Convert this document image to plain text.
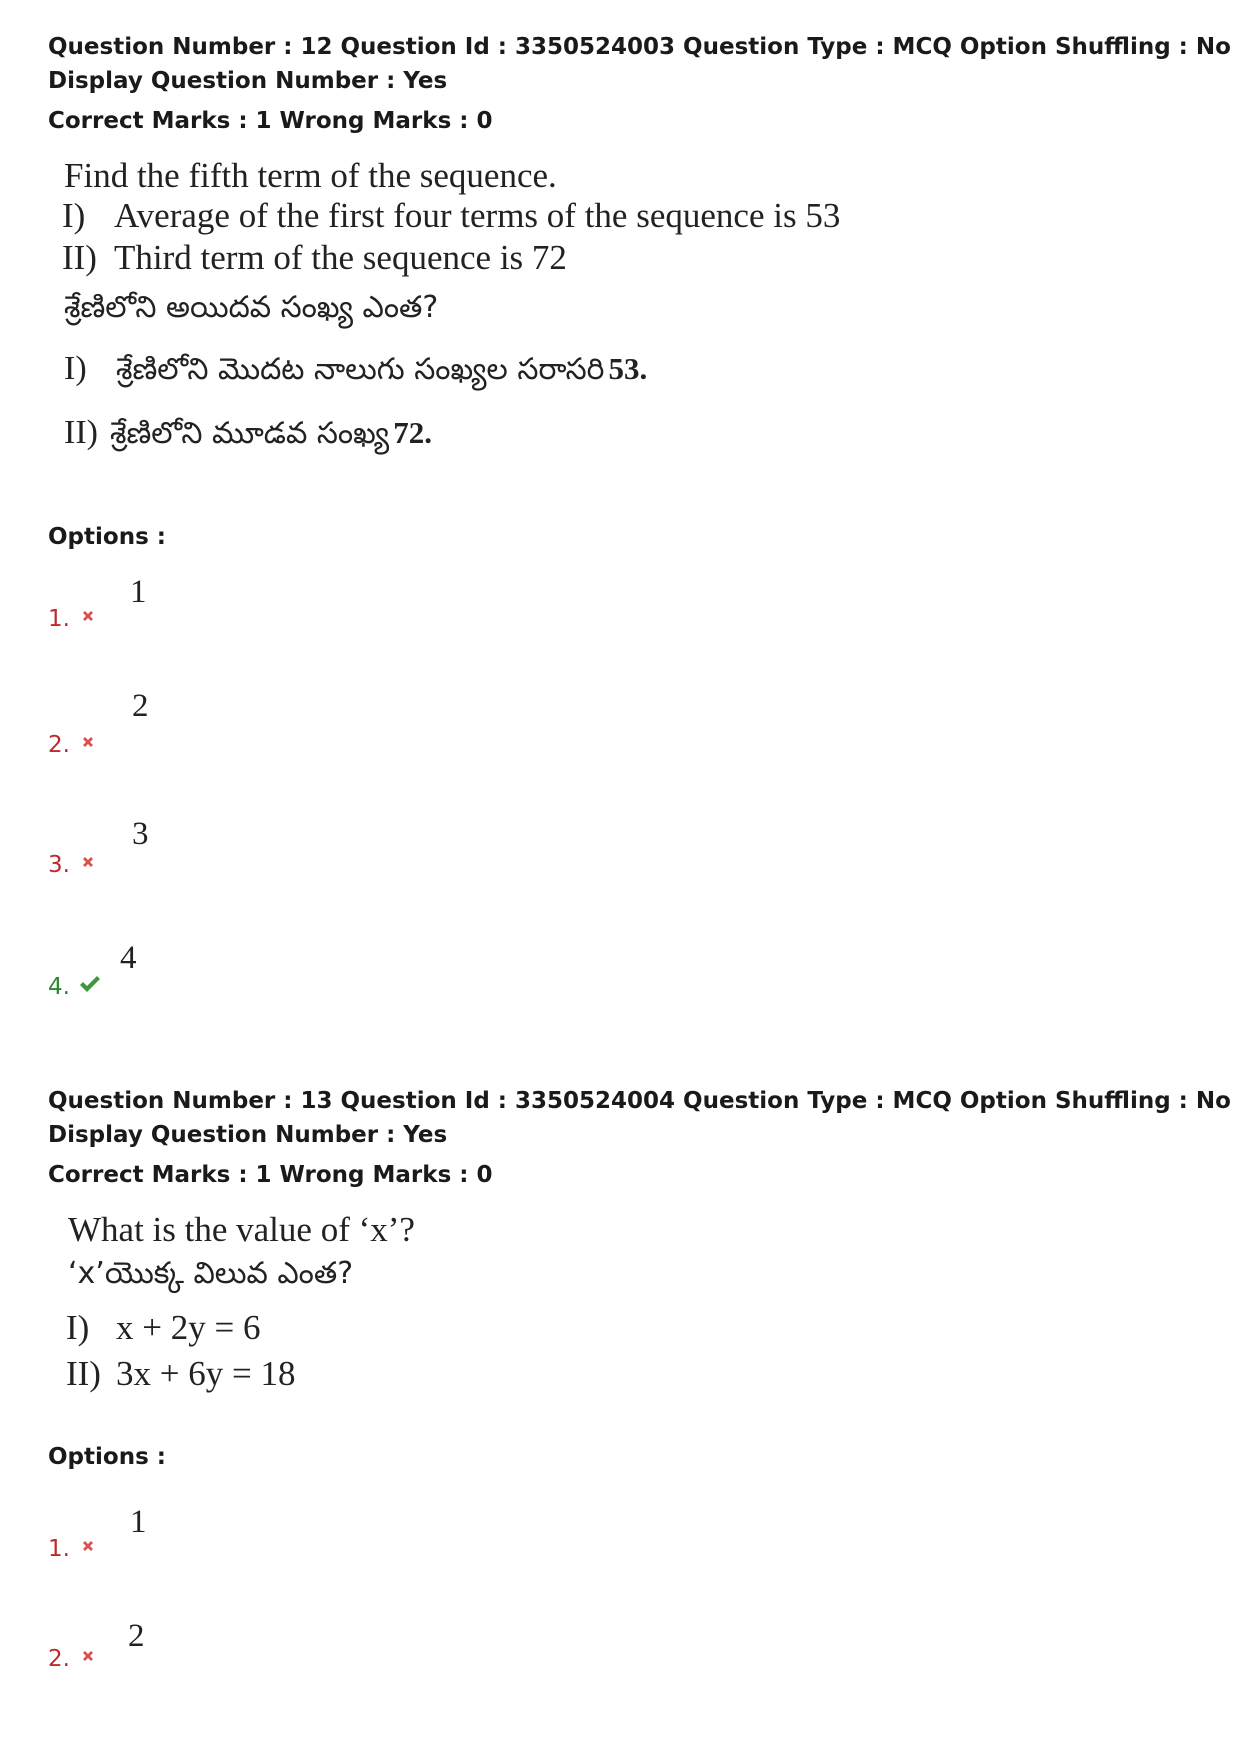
Question Number : 12 Question Id : 3350524003 Question Type : MCQ Option Shuffling : No
Display Question Number : Yes
Correct Marks : 1 Wrong Marks : 0
Find the fifth term of the sequence.
I) Average of the first four terms of the sequence is 53
II) Third term of the sequence is 72
శ్రేణిలోని అయిదవ సంఖ్య ఎంత?
I) శ్రేణిలోని మొదట నాలుగు సంఖ్యల సరాసరి 53.
II) శ్రేణిలోని మూడవ సంఖ్య 72.
Options :
1.
1
2.
2
3.
3
4.
4
Question Number : 13 Question Id : 3350524004 Question Type : MCQ Option Shuffling : No
Display Question Number : Yes
Correct Marks : 1 Wrong Marks : 0
What is the value of ‘x’?
‘x’యొక్క విలువ ఎంత?
I) x + 2y = 6
II) 3x + 6y = 18
Options :
1.
1
2.
2
